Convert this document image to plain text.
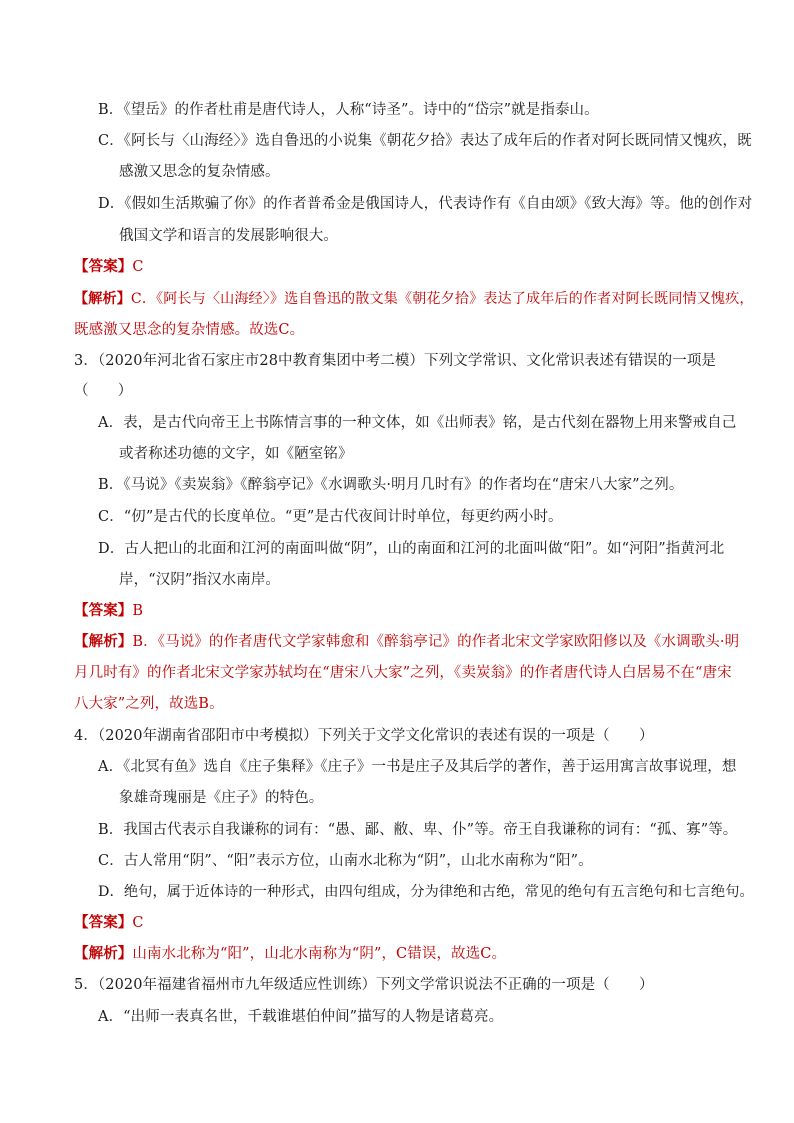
B．《望岳》的作者杜甫是唐代诗人，人称“诗圣”。诗中的“岱宗”就是指泰山。
C．《阿长与〈山海经〉》选自鲁迅的小说集《朝花夕拾》表达了成年后的作者对阿长既同情又愧疚，既
感激又思念的复杂情感。
D．《假如生活欺骗了你》的作者普希金是俄国诗人，代表诗作有《自由颂》《致大海》等。他的创作对
俄国文学和语言的发展影响很大。
【答案】C
【解析】C．《阿长与〈山海经〉》选自鲁迅的散文集《朝花夕拾》表达了成年后的作者对阿长既同情又愧疚，
既感激又思念的复杂情感。故选C。
3．（2020年河北省石家庄市28中教育集团中考二模）下列文学常识、文化常识表述有错误的一项是
（　　）
A．表，是古代向帝王上书陈情言事的一种文体，如《出师表》铭，是古代刻在器物上用来警戒自己
或者称述功德的文字，如《陋室铭》
B．《马说》《卖炭翁》《醉翁亭记》《水调歌头·明月几时有》的作者均在“唐宋八大家”之列。
C．“仞”是古代的长度单位。“更”是古代夜间计时单位，每更约两小时。
D．古人把山的北面和江河的南面叫做“阴”，山的南面和江河的北面叫做“阳”。如“河阳”指黄河北
岸，“汉阴”指汉水南岸。
【答案】B
【解析】B．《马说》的作者唐代文学家韩愈和《醉翁亭记》的作者北宋文学家欧阳修以及《水调歌头·明
月几时有》的作者北宋文学家苏轼均在“唐宋八大家”之列，《卖炭翁》的作者唐代诗人白居易不在“唐宋
八大家”之列，故选B。
4．（2020年湖南省邵阳市中考模拟）下列关于文学文化常识的表述有误的一项是（　　）
A．《北冥有鱼》选自《庄子集释》《庄子》一书是庄子及其后学的著作，善于运用寓言故事说理，想
象雄奇瑰丽是《庄子》的特色。
B．我国古代表示自我谦称的词有：“愚、鄙、敝、卑、仆”等。帝王自我谦称的词有：“孤、寡”等。
C．古人常用“阴”、“阳”表示方位，山南水北称为“阴”，山北水南称为“阳”。
D．绝句，属于近体诗的一种形式，由四句组成，分为律绝和古绝，常见的绝句有五言绝句和七言绝句。
【答案】C
【解析】山南水北称为“阳”，山北水南称为“阴”，C错误，故选C。
5．（2020年福建省福州市九年级适应性训练）下列文学常识说法不正确的一项是（　　）
A．“出师一表真名世，千载谁堪伯仲间”描写的人物是诸葛亮。
